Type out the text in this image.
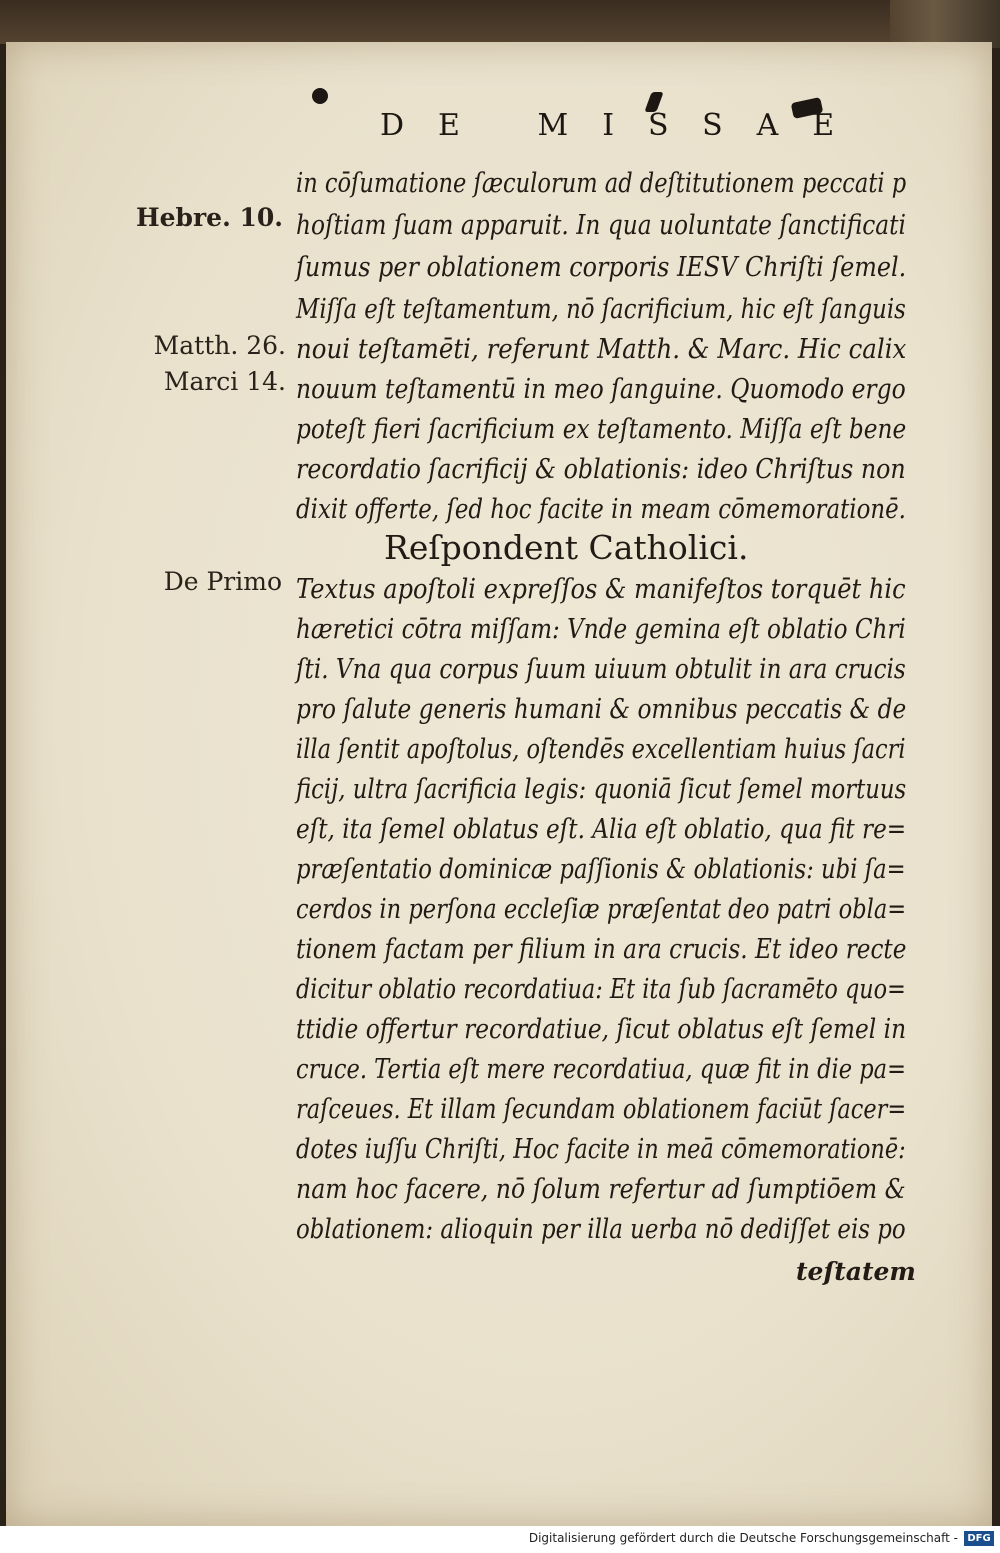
DE MISSAE
Hebre. 10.
Matth. 26.
Marci 14.
De Primo
in cōſumatione ſæculorum ad deſtitutionem peccati p
hoſtiam ſuam apparuit. In qua uoluntate ſanctificati
ſumus per oblationem corporis IESV Chriſti ſemel.
Miſſa eſt teſtamentum, nō ſacrificium, hic eſt ſanguis
noui teſtamēti, referunt Matth. & Marc. Hic calix
nouum teſtamentū in meo ſanguine. Quomodo ergo
poteſt fieri ſacrificium ex teſtamento. Miſſa eſt bene
recordatio ſacrificij & oblationis: ideo Chriſtus non
dixit offerte, ſed hoc facite in meam cōmemorationē.
Reſpondent Catholici.
Textus apoſtoli expreſſos & manifeſtos torquēt hic
hæretici cōtra miſſam: Vnde gemina eſt oblatio Chri
ſti. Vna qua corpus ſuum uiuum obtulit in ara crucis
pro ſalute generis humani & omnibus peccatis & de
illa ſentit apoſtolus, oſtendēs excellentiam huius ſacri
ficij, ultra ſacrificia legis: quoniā ſicut ſemel mortuus
eſt, ita ſemel oblatus eſt. Alia eſt oblatio, qua fit re=
præſentatio dominicæ paſſionis & oblationis: ubi ſa=
cerdos in perſona eccleſiæ præſentat deo patri obla=
tionem factam per filium in ara crucis. Et ideo recte
dicitur oblatio recordatiua: Et ita ſub ſacramēto quo=
ttidie offertur recordatiue, ſicut oblatus eſt ſemel in
cruce. Tertia eſt mere recordatiua, quæ fit in die pa=
raſceues. Et illam ſecundam oblationem faciūt ſacer=
dotes iuſſu Chriſti, Hoc facite in meā cōmemorationē:
nam hoc facere, nō ſolum refertur ad ſumptiōem &
oblationem: alioquin per illa uerba nō dediſſet eis po
teſtatem
Digitalisierung gefördert durch die Deutsche Forschungsgemeinschaft - DFG
